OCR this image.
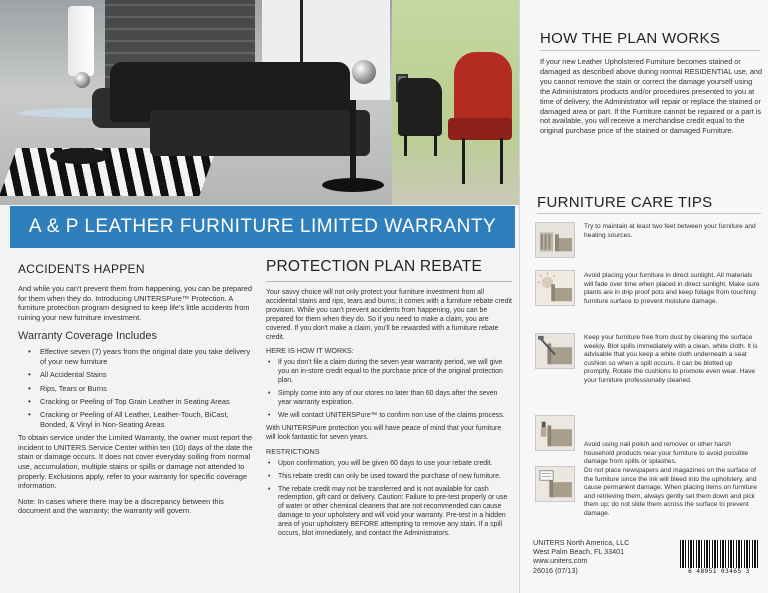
A & P LEATHER FURNITURE LIMITED WARRANTY
ACCIDENTS HAPPEN
And while you can't prevent them from happening, you can be prepared for them when they do. Introducing UNITERSPure™ Protection. A furniture protection program designed to keep life's little accidents from ruining your new furniture investment.
Warranty Coverage Includes
• Effective seven (7) years from the original date you take delivery of your new furniture
• All Accidental Stains
• Rips, Tears or Burns
• Cracking or Peeling of Top Grain Leather in Seating Areas
• Cracking or Peeling of All Leather, Leather-Touch, BiCast, Bonded, & Vinyl in Non-Seating Areas
To obtain service under the Limited Warranty, the owner must report the incident to UNITERS Service Center within ten (10) days of the date the stain or damage occurs. It does not cover everyday soiling from normal use, accumulation, multiple stains or spills or damage not attended to properly. Exclusions apply, refer to your warranty for specific coverage information.
Note: In cases where there may be a discrepancy between this document and the warranty; the warranty will govern.
PROTECTION PLAN REBATE
Your savvy choice will not only protect your furniture investment from all accidental stains and rips, tears and burns; it comes with a furniture rebate credit provision. While you can't prevent accidents from happening, you can be prepared for them when they do. So if you need to make a claim, you are covered. If you don't make a claim, you'll be rewarded with a furniture rebate credit.
HERE IS HOW IT WORKS:
• If you don't file a claim during the seven year warranty period, we will give you an in-store credit equal to the purchase price of the original protection plan.
• Simply come into any of our stores no later than 60 days after the seven year warranty expiration.
• We will contact UNITERSPure™ to confirm non use of the claims process.
With UNITERSPure protection you will have peace of mind that your furniture will look fantastic for seven years.
RESTRICTIONS
• Upon confirmation, you will be given 60 days to use your rebate credit.
• This rebate credit can only be used toward the purchase of new furniture.
• The rebate credit may not be transferred and is not available for cash redemption, gift card or delivery. Caution: Failure to pre-test properly or use of water or other chemical cleaners that are not recommended can cause damage to your upholstery and will void your warranty. Pre-test in a hidden area of your upholstery BEFORE attempting to remove any stain. If a spill occurs, blot immediately, and contact the Administrators.
HOW THE PLAN WORKS
If your new Leather Upholstered Furniture becomes stained or damaged as described above during normal RESIDENTIAL use, and you cannot remove the stain or correct the damage yourself using the Administrators products and/or procedures presented to you at time of delivery, the Administrator will repair or replace the stained or damaged area or part. If the Furniture cannot be repaired or a part is not available, you will receive a merchandise credit equal to the original purchase price of the stained or damaged Furniture.
FURNITURE CARE TIPS
Try to maintain at least two feet between your furniture and heating sources.
Avoid placing your furniture in direct sunlight. All materials will fade over time when placed in direct sunlight. Make sure plants are in drip proof pots and keep foliage from touching furniture surface to prevent moisture damage.
Keep your furniture free from dust by cleaning the surface weekly. Blot spills immediately with a clean, white cloth. It is advisable that you keep a white cloth underneath a seat cushion so when a spill occurs, it can be blotted up promptly. Rotate the cushions to promote even wear. Have your furniture professionally cleaned.
Avoid using nail polish and remover or other harsh household products near your furniture to avoid possible damage from spills or splashes.
Do not place newspapers and magazines on the surface of the furniture since the ink will bleed into the upholstery, and cause permanent damage. When placing items on furniture and retrieving them, always gently set them down and pick them up; do not slide them across the surface to prevent damage.
UNITERS North America, LLC
West Palm Beach, FL 33401
www.uniters.com
26016 (07/13)	6 48951 03465 3
